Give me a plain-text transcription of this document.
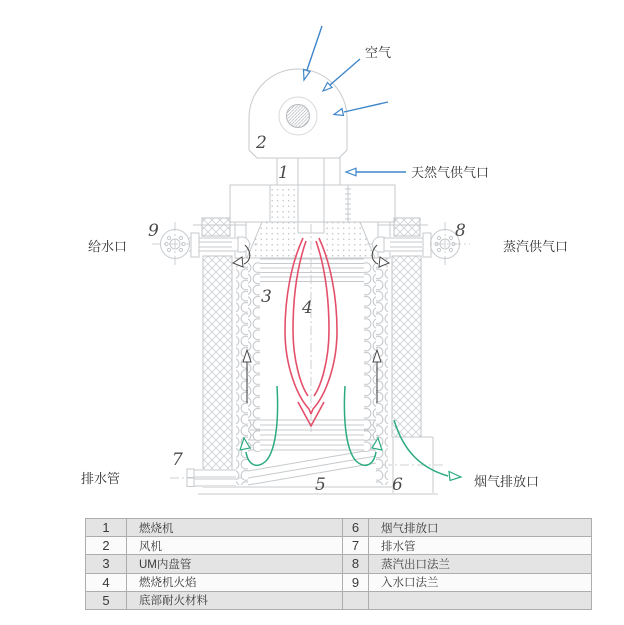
1
2
3
4
5	6
7
8
9
空气
天然气供气口
给水口	蒸汽供气口
排水管	烟气排放口
1	燃烧机	6	烟气排放口
2	风机	7	排水管
3	UM内盘管	8	蒸汽出口法兰
4	燃烧机火焰	9	入水口法兰
5	底部耐火材料		
